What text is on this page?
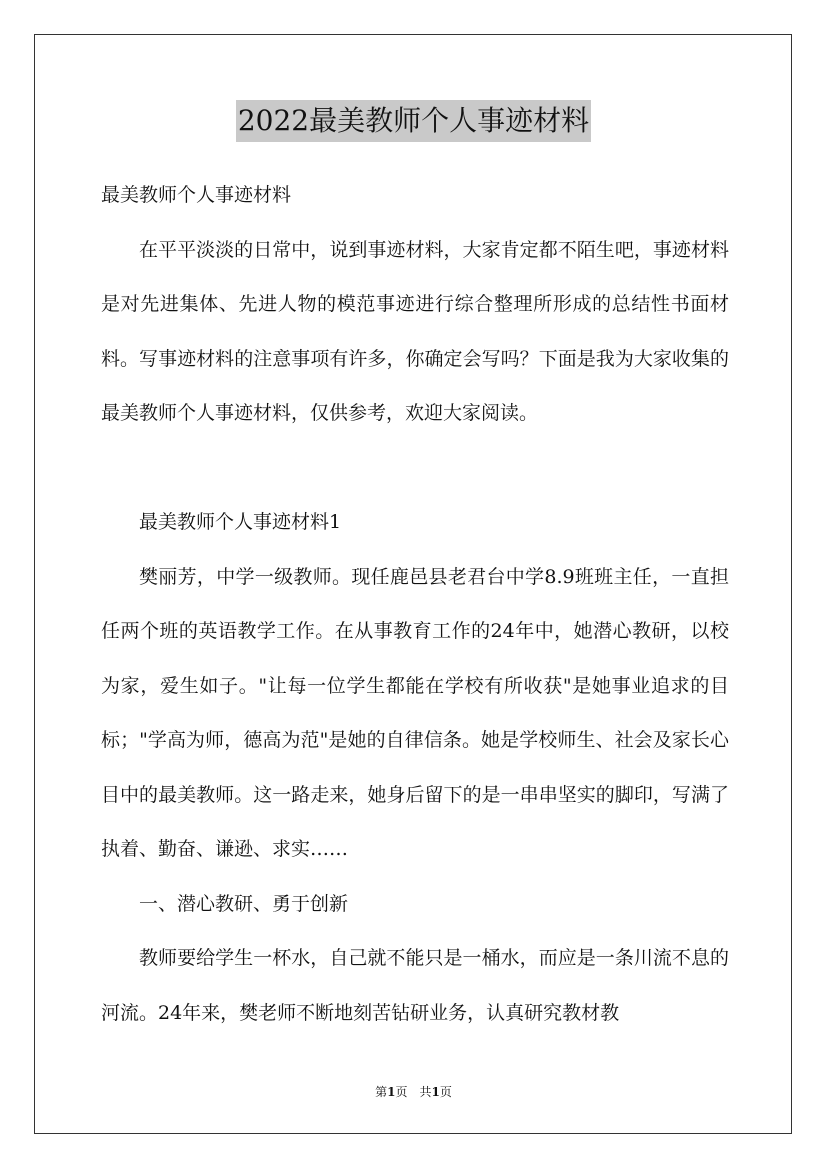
2022最美教师个人事迹材料

最美教师个人事迹材料

在平平淡淡的日常中，说到事迹材料，大家肯定都不陌生吧，事迹材料是对先进集体、先进人物的模范事迹进行综合整理所形成的总结性书面材料。写事迹材料的注意事项有许多，你确定会写吗？下面是我为大家收集的最美教师个人事迹材料，仅供参考，欢迎大家阅读。

最美教师个人事迹材料1

樊丽芳，中学一级教师。现任鹿邑县老君台中学8.9班班主任，一直担任两个班的英语教学工作。在从事教育工作的24年中，她潜心教研，以校为家，爱生如子。"让每一位学生都能在学校有所收获"是她事业追求的目标；"学高为师，德高为范"是她的自律信条。她是学校师生、社会及家长心目中的最美教师。这一路走来，她身后留下的是一串串坚实的脚印，写满了执着、勤奋、谦逊、求实……

一、潜心教研、勇于创新

教师要给学生一杯水，自己就不能只是一桶水，而应是一条川流不息的河流。24年来，樊老师不断地刻苦钻研业务，认真研究教材教

第1页 共1页
